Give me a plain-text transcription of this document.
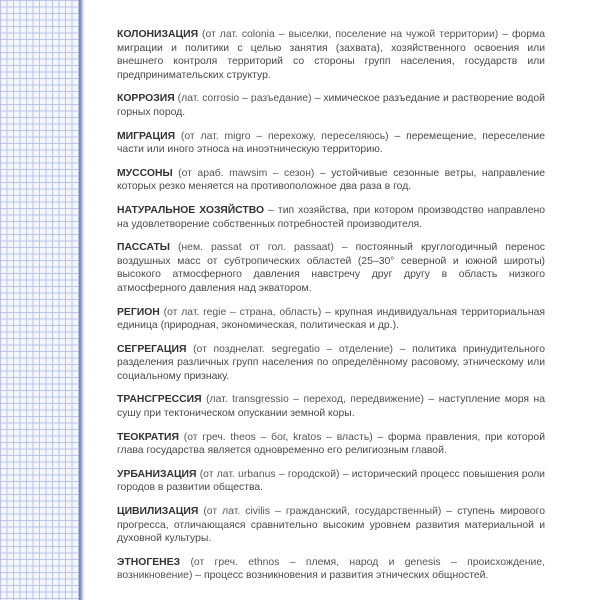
КОЛОНИЗАЦИЯ (от лат. colonia – выселки, поселение на чужой территории) – форма миграции и политики с целью занятия (захвата), хозяйственного освоения или внешнего контроля территорий со стороны групп населения, государств или предпринимательских структур.

КОРРОЗИЯ (лат. corrosio – разъедание) – химическое разъедание и растворение водой горных пород.

МИГРАЦИЯ (от лат. migro – перехожу, переселяюсь) – перемещение, переселение части или иного этноса на иноэтническую территорию.

МУССОНЫ (от араб. mawsim – сезон) – устойчивые сезонные ветры, направление которых резко меняется на противоположное два раза в год.

НАТУРАЛЬНОЕ ХОЗЯЙСТВО – тип хозяйства, при котором производство направлено на удовлетворение собственных потребностей производителя.

ПАССАТЫ (нем. passat от гол. passaat) – постоянный круглогодичный перенос воздушных масс от субтропических областей (25–30° северной и южной широты) высокого атмосферного давления навстречу друг другу в область низкого атмосферного давления над экватором.

РЕГИОН (от лат. regie – страна, область) – крупная индивидуальная территориальная единица (природная, экономическая, политическая и др.).

СЕГРЕГАЦИЯ (от позднелат. segregatio – отделение) – политика принудительного разделения различных групп населения по определённому расовому, этническому или социальному признаку.

ТРАНСГРЕССИЯ (лат. transgressio – переход, передвижение) – наступление моря на сушу при тектоническом опускании земной коры.

ТЕОКРАТИЯ (от греч. theos – бог, kratos – власть) – форма правления, при которой глава государства является одновременно его религиозным главой.

УРБАНИЗАЦИЯ (от лат. urbanus – городской) – исторический процесс повышения роли городов в развитии общества.

ЦИВИЛИЗАЦИЯ (от лат. civilis – гражданский, государственный) – ступень мирового прогресса, отличающаяся сравнительно высоким уровнем развития материальной и духовной культуры.

ЭТНОГЕНЕЗ (от греч. ethnos – племя, народ и genesis – происхождение, возникновение) – процесс возникновения и развития этнических общностей.
